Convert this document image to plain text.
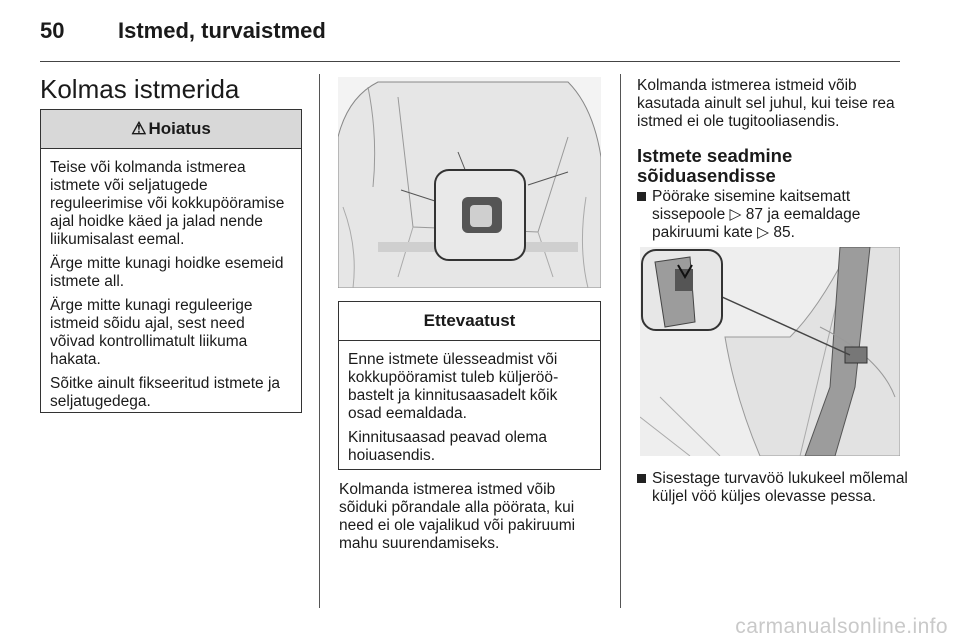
50 Istmed, turvaistmed
Kolmas istmerida
⚠ Hoiatus

Teise või kolmanda istmerea istmete või seljatugede reguleerimise või kokkupööramise ajal hoidke käed ja jalad nende liikumisalast eemal.

Ärge mitte kunagi hoidke esemeid istmete all.

Ärge mitte kunagi reguleerige istmeid sõidu ajal, sest need võivad kontrollimatult liikuma hakata.

Sõitke ainult fikseeritud istmete ja seljatugedega.

Ettevaatust

Enne istmete ülesseadmist või kokkupööramist tuleb küljerööbastelt ja kinnitusaasadelt kõik osad eemaldada.

Kinnitusaasad peavad olema hoiuasendis.

Kolmanda istmerea istmed võib sõiduki põrandale alla pöörata, kui need ei ole vajalikud või pakiruumi mahu suurendamiseks.

Kolmanda istmerea istmeid võib kasutada ainult sel juhul, kui teise rea istmed ei ole tugitooliasendis.

Istmete seadmine sõiduasendisse
Pöörake sisemine kaitsematt sissepoole ▷ 87 ja eemaldage pakiruumi kate ▷ 85.
Sisestage turvavöö lukukeel mõlemal küljel vöö küljes olevasse pessa.
carmanualsonline.info
